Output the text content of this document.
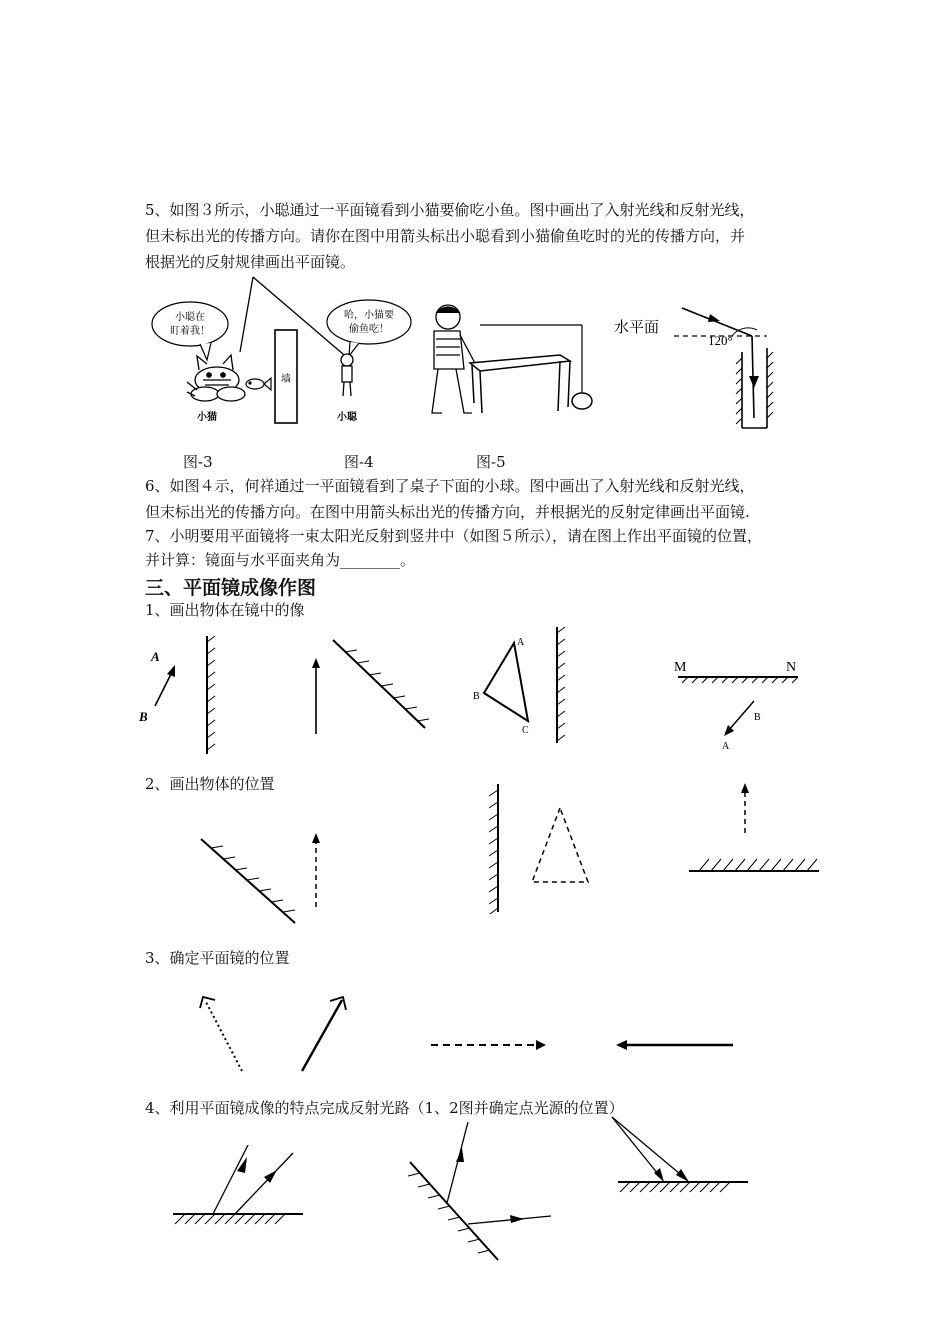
5、如图３所示，小聪通过一平面镜看到小猫要偷吃小鱼。图中画出了入射光线和反射光线，
但未标出光的传播方向。请你在图中用箭头标出小聪看到小猫偷鱼吃时的光的传播方向，并
根据光的反射规律画出平面镜。
小聪在
盯着我！
哈，小猫要
偷鱼吃！
小猫
墙
小聪
水平面
120°
图-3	图-4	图-5
6、如图４示，何祥通过一平面镜看到了桌子下面的小球。图中画出了入射光线和反射光线，
但末标出光的传播方向。在图中用箭头标出光的传播方向，并根据光的反射定律画出平面镜.
7、小明要用平面镜将一束太阳光反射到竖井中（如图５所示），请在图上作出平面镜的位置，
并计算：镜面与水平面夹角为________。
三、平面镜成像作图
1、画出物体在镜中的像
A
B
A
B
C
M	N
B
A
2、画出物体的位置
3、确定平面镜的位置
4、利用平面镜成像的特点完成反射光路（1、2图并确定点光源的位置）
